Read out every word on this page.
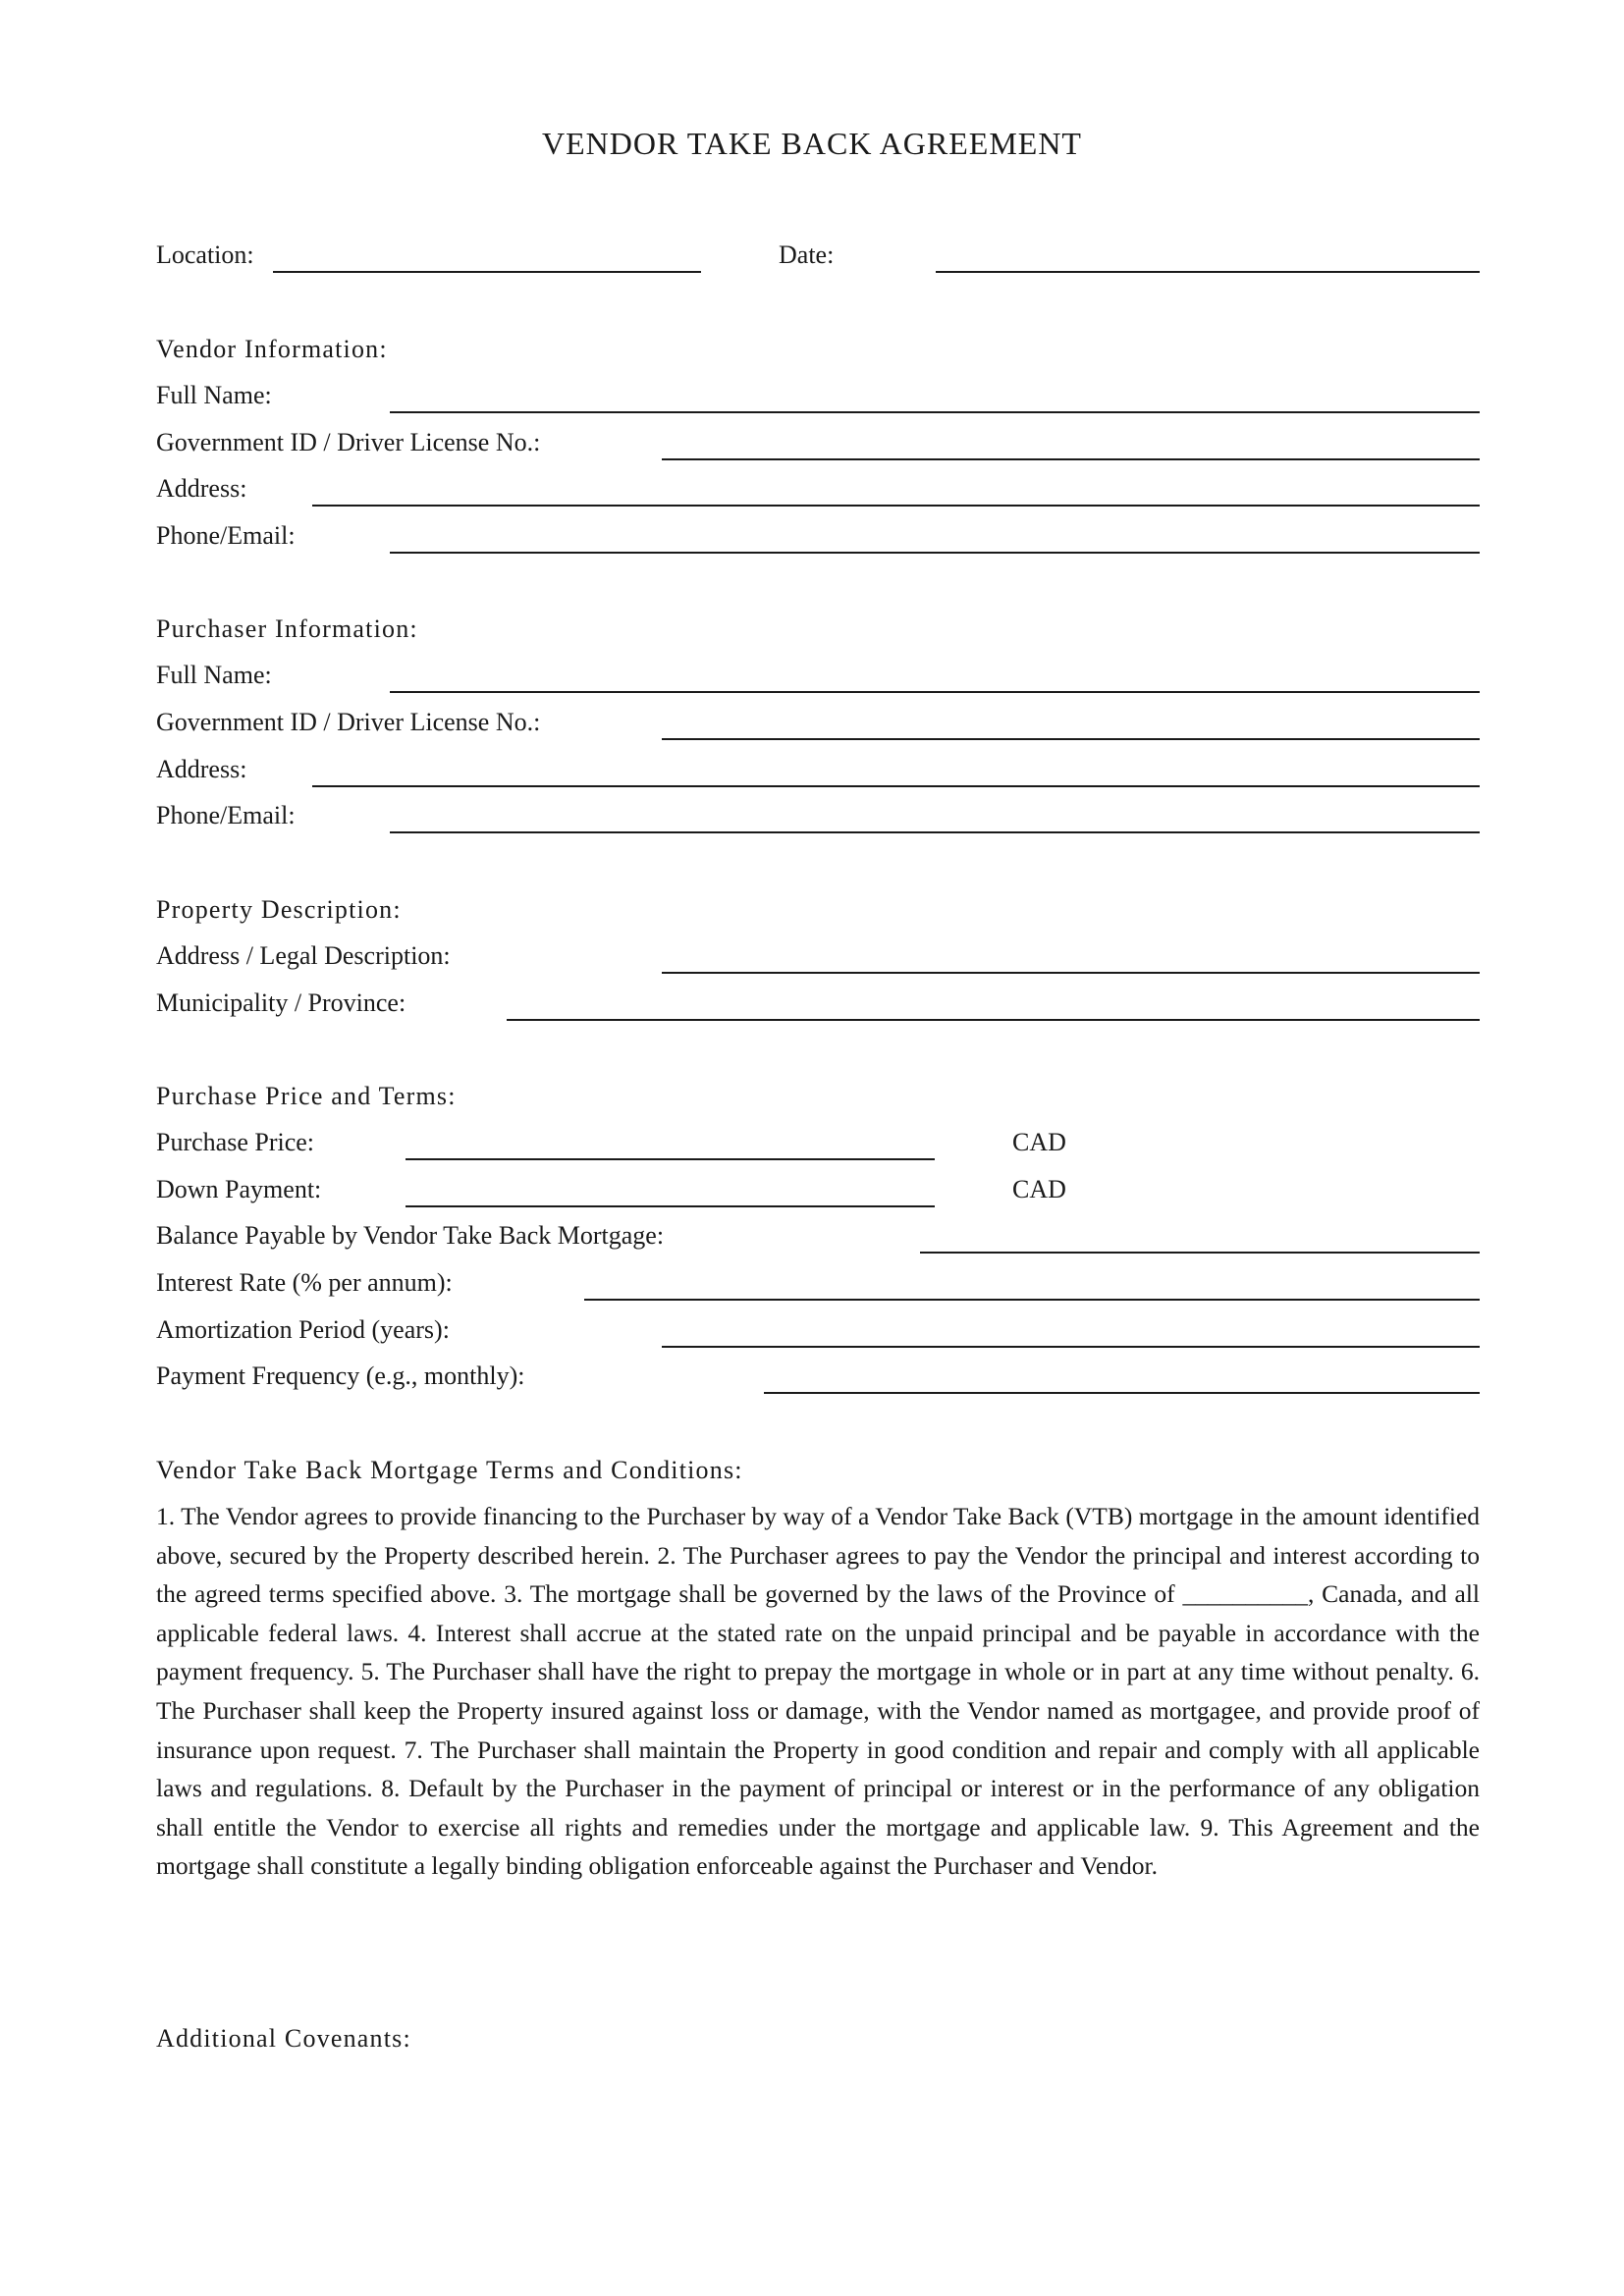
VENDOR TAKE BACK AGREEMENT
Location:	Date:
Vendor Information:
Full Name:
Government ID / Driver License No.:
Address:
Phone/Email:
Purchaser Information:
Full Name:
Government ID / Driver License No.:
Address:
Phone/Email:
Property Description:
Address / Legal Description:
Municipality / Province:
Purchase Price and Terms:
Purchase Price:	CAD
Down Payment:	CAD
Balance Payable by Vendor Take Back Mortgage:
Interest Rate (% per annum):
Amortization Period (years):
Payment Frequency (e.g., monthly):
Vendor Take Back Mortgage Terms and Conditions:
1. The Vendor agrees to provide financing to the Purchaser by way of a Vendor Take Back (VTB) mortgage in the amount identified above, secured by the Property described herein. 2. The Purchaser agrees to pay the Vendor the principal and interest according to the agreed terms specified above. 3. The mortgage shall be governed by the laws of the Province of __________, Canada, and all applicable federal laws. 4. Interest shall accrue at the stated rate on the unpaid principal and be payable in accordance with the payment frequency. 5. The Purchaser shall have the right to prepay the mortgage in whole or in part at any time without penalty. 6. The Purchaser shall keep the Property insured against loss or damage, with the Vendor named as mortgagee, and provide proof of insurance upon request. 7. The Purchaser shall maintain the Property in good condition and repair and comply with all applicable laws and regulations. 8. Default by the Purchaser in the payment of principal or interest or in the performance of any obligation shall entitle the Vendor to exercise all rights and remedies under the mortgage and applicable law. 9. This Agreement and the mortgage shall constitute a legally binding obligation enforceable against the Purchaser and Vendor.
Additional Covenants:
